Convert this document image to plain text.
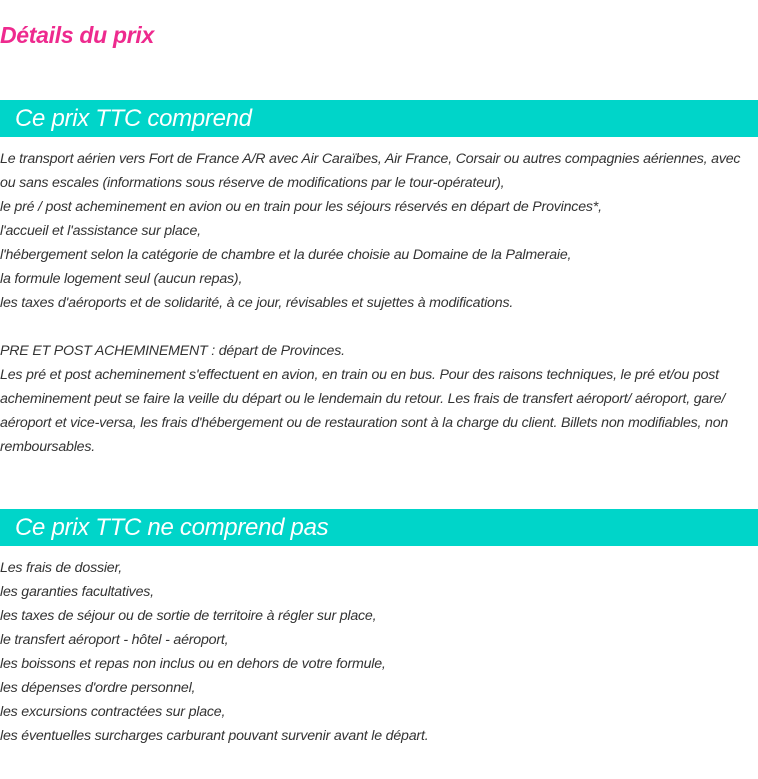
Détails du prix
Ce prix TTC comprend

Le transport aérien vers Fort de France A/R avec Air Caraïbes, Air France, Corsair ou autres compagnies aériennes, avec ou sans escales (informations sous réserve de modifications par le tour-opérateur),

le pré / post acheminement en avion ou en train pour les séjours réservés en départ de Provinces*,

l'accueil et l'assistance sur place,

l'hébergement selon la catégorie de chambre et la durée choisie au Domaine de la Palmeraie,

la formule logement seul (aucun repas),

les taxes d'aéroports et de solidarité, à ce jour, révisables et sujettes à modifications.

PRE ET POST ACHEMINEMENT : départ de Provinces.

Les pré et post acheminement s'effectuent en avion, en train ou en bus. Pour des raisons techniques, le pré et/ou post acheminement peut se faire la veille du départ ou le lendemain du retour. Les frais de transfert aéroport/ aéroport, gare/ aéroport et vice-versa, les frais d'hébergement ou de restauration sont à la charge du client. Billets non modifiables, non remboursables.

Ce prix TTC ne comprend pas

Les frais de dossier,

les garanties facultatives,

les taxes de séjour ou de sortie de territoire à régler sur place,

le transfert aéroport - hôtel - aéroport,

les boissons et repas non inclus ou en dehors de votre formule,

les dépenses d'ordre personnel,

les excursions contractées sur place,

les éventuelles surcharges carburant pouvant survenir avant le départ.
